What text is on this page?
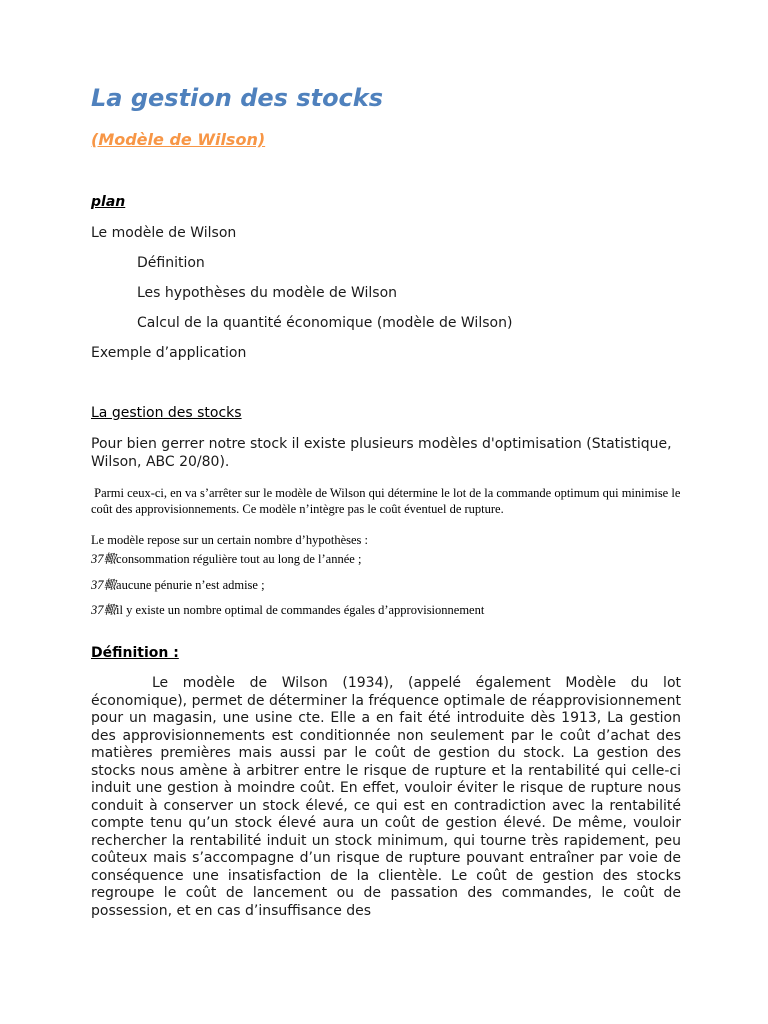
La gestion des stocks

(Modèle de Wilson)

plan

Le modèle de Wilson

Définition

Les hypothèses du modèle de Wilson

Calcul de la quantité économique (modèle de Wilson)

Exemple d’application

La gestion des stocks

Pour bien gerrer notre stock il existe plusieurs modèles d'optimisation (Statistique, Wilson, ABC 20/80).

Parmi ceux-ci, en va s’arrêter sur le modèle de Wilson qui détermine le lot de la commande optimum qui minimise le coût des approvisionnements. Ce modèle n’intègre pas le coût éventuel de rupture.

Le modèle repose sur un certain nombre d’hypothèses :

37輙consommation régulière tout au long de l’année ;

37輙aucune pénurie n’est admise ;

37輙il y existe un nombre optimal de commandes égales d’approvisionnement

Définition :

Le modèle de Wilson (1934), (appelé également Modèle du lot économique), permet de déterminer la fréquence optimale de réapprovisionnement pour un magasin, une usine cte. Elle a en fait été introduite dès 1913, La gestion des approvisionnements est conditionnée non seulement par le coût d’achat des matières premières mais aussi par le coût de gestion du stock. La gestion des stocks nous amène à arbitrer entre le risque de rupture et la rentabilité qui celle-ci induit une gestion à moindre coût. En effet, vouloir éviter le risque de rupture nous conduit à conserver un stock élevé, ce qui est en contradiction avec la rentabilité compte tenu qu’un stock élevé aura un coût de gestion élevé. De même, vouloir rechercher la rentabilité induit un stock minimum, qui tourne très rapidement, peu coûteux mais s’accompagne d’un risque de rupture pouvant entraîner par voie de conséquence une insatisfaction de la clientèle. Le coût de gestion des stocks regroupe le coût de lancement ou de passation des commandes, le coût de possession, et en cas d’insuffisance des
